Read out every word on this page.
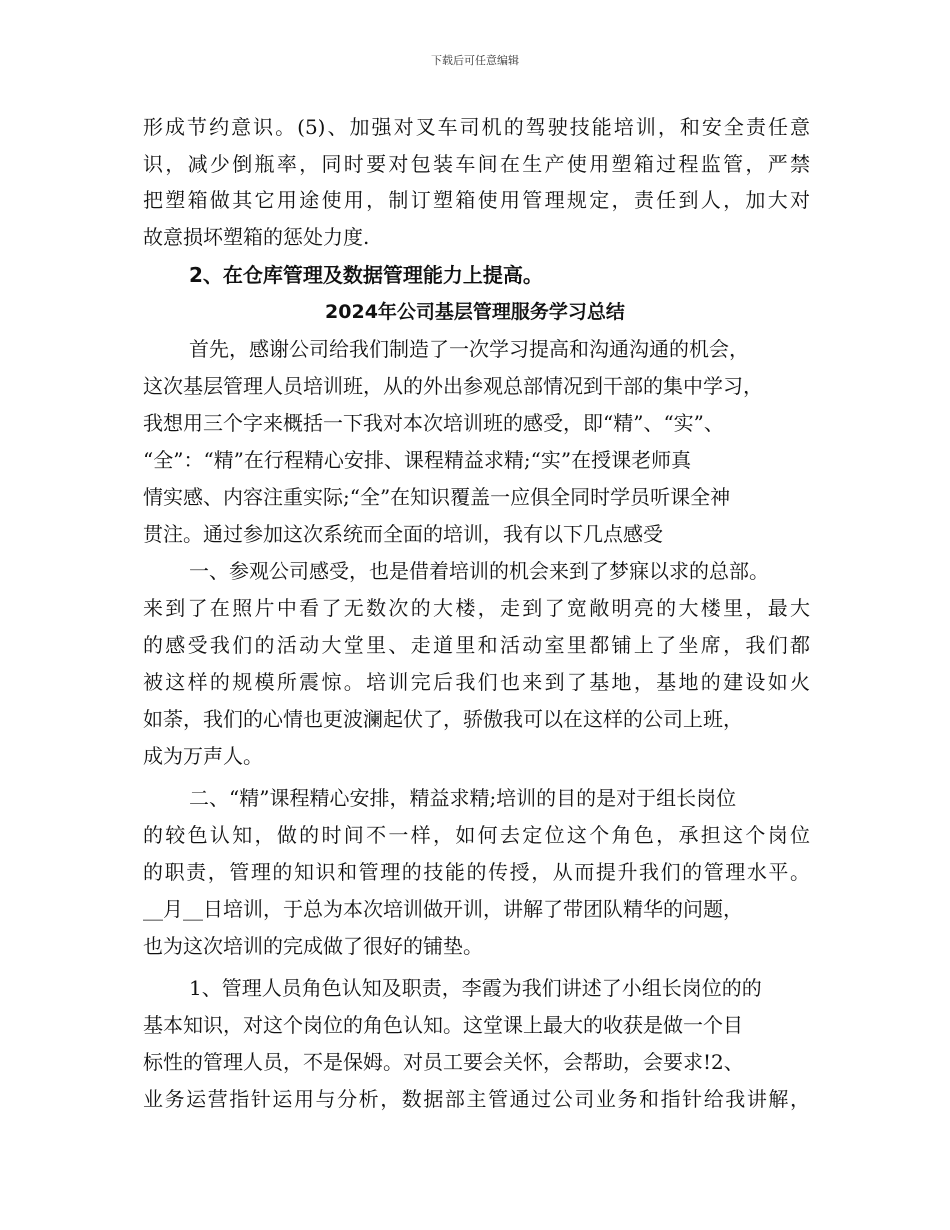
下载后可任意编辑
形成节约意识。(5)、加强对叉车司机的驾驶技能培训，和安全责任意
识，减少倒瓶率，同时要对包装车间在生产使用塑箱过程监管，严禁
把塑箱做其它用途使用，制订塑箱使用管理规定，责任到人，加大对
故意损坏塑箱的惩处力度.
2、在仓库管理及数据管理能力上提高。
2024年公司基层管理服务学习总结
首先，感谢公司给我们制造了一次学习提高和沟通沟通的机会，
这次基层管理人员培训班，从的外出参观总部情况到干部的集中学习，
我想用三个字来概括一下我对本次培训班的感受，即“精”、“实”、
“全”：“精”在行程精心安排、课程精益求精;“实”在授课老师真
情实感、内容注重实际;“全”在知识覆盖一应俱全同时学员听课全神
贯注。通过参加这次系统而全面的培训，我有以下几点感受
一、参观公司感受，也是借着培训的机会来到了梦寐以求的总部。
来到了在照片中看了无数次的大楼，走到了宽敞明亮的大楼里，最大
的感受我们的活动大堂里、走道里和活动室里都铺上了坐席，我们都
被这样的规模所震惊。培训完后我们也来到了基地，基地的建设如火
如荼，我们的心情也更波澜起伏了，骄傲我可以在这样的公司上班，
成为万声人。
二、“精”课程精心安排，精益求精;培训的目的是对于组长岗位
的较色认知，做的时间不一样，如何去定位这个角色，承担这个岗位
的职责，管理的知识和管理的技能的传授，从而提升我们的管理水平。
__月__日培训，于总为本次培训做开训，讲解了带团队精华的问题，
也为这次培训的完成做了很好的铺垫。
1、管理人员角色认知及职责，李霞为我们讲述了小组长岗位的的
基本知识，对这个岗位的角色认知。这堂课上最大的收获是做一个目
标性的管理人员，不是保姆。对员工要会关怀，会帮助，会要求!2、
业务运营指针运用与分析，数据部主管通过公司业务和指针给我讲解，
